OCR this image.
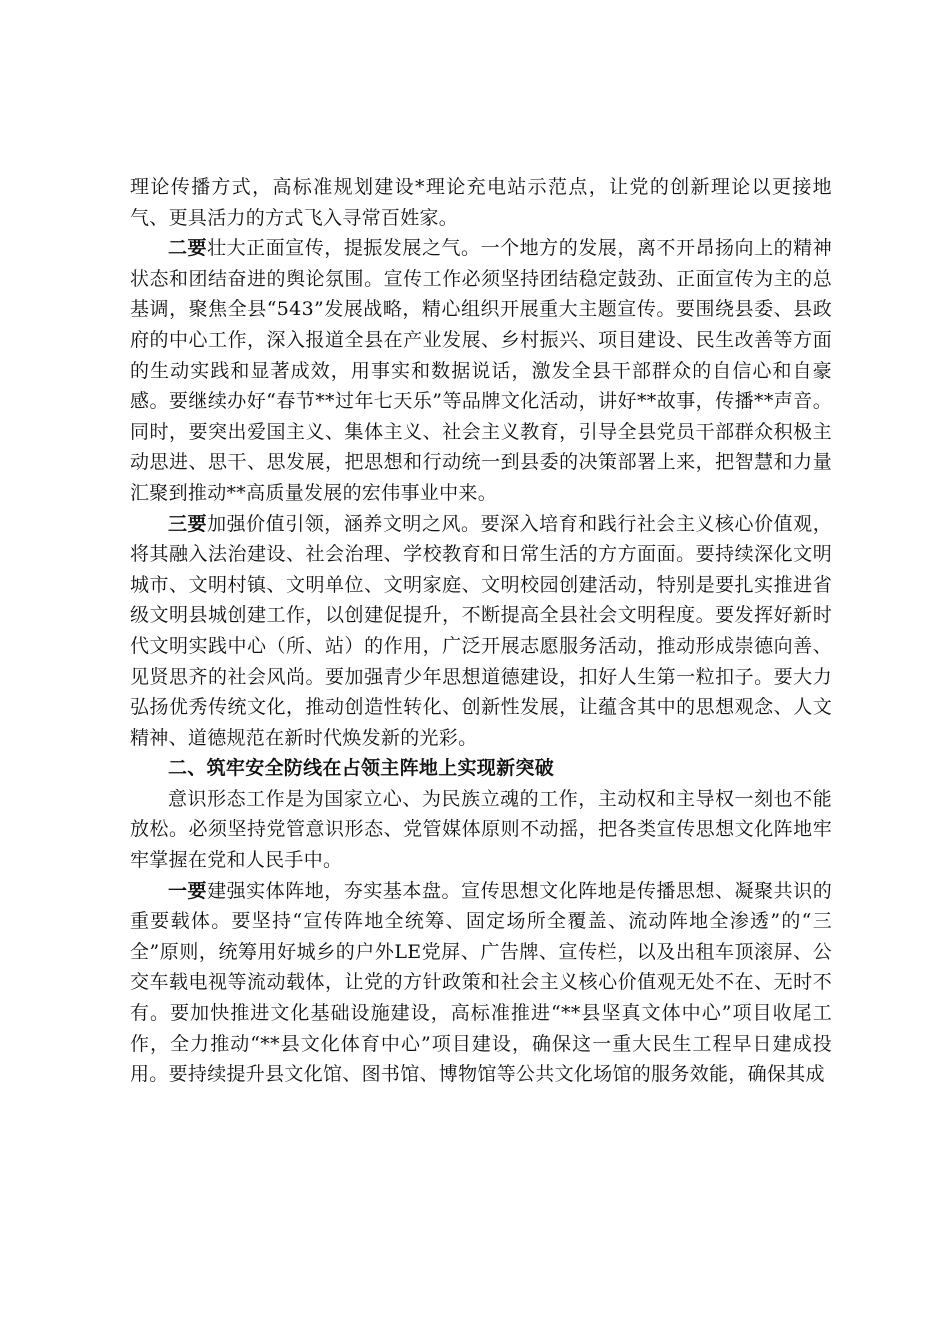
理论传播方式，高标准规划建设*理论充电站示范点，让党的创新理论以更接地气、更具活力的方式飞入寻常百姓家。

二要壮大正面宣传，提振发展之气。一个地方的发展，离不开昂扬向上的精神状态和团结奋进的舆论氛围。宣传工作必须坚持团结稳定鼓劲、正面宣传为主的总基调，聚焦全县“543”发展战略，精心组织开展重大主题宣传。要围绕县委、县政府的中心工作，深入报道全县在产业发展、乡村振兴、项目建设、民生改善等方面的生动实践和显著成效，用事实和数据说话，激发全县干部群众的自信心和自豪感。要继续办好“春节**过年七天乐”等品牌文化活动，讲好**故事，传播**声音。同时，要突出爱国主义、集体主义、社会主义教育，引导全县党员干部群众积极主动思进、思干、思发展，把思想和行动统一到县委的决策部署上来，把智慧和力量汇聚到推动**高质量发展的宏伟事业中来。

三要加强价值引领，涵养文明之风。要深入培育和践行社会主义核心价值观，将其融入法治建设、社会治理、学校教育和日常生活的方方面面。要持续深化文明城市、文明村镇、文明单位、文明家庭、文明校园创建活动，特别是要扎实推进省级文明县城创建工作，以创建促提升，不断提高全县社会文明程度。要发挥好新时代文明实践中心（所、站）的作用，广泛开展志愿服务活动，推动形成崇德向善、见贤思齐的社会风尚。要加强青少年思想道德建设，扣好人生第一粒扣子。要大力弘扬优秀传统文化，推动创造性转化、创新性发展，让蕴含其中的思想观念、人文精神、道德规范在新时代焕发新的光彩。

二、筑牢安全防线在占领主阵地上实现新突破

意识形态工作是为国家立心、为民族立魂的工作，主动权和主导权一刻也不能放松。必须坚持党管意识形态、党管媒体原则不动摇，把各类宣传思想文化阵地牢牢掌握在党和人民手中。

一要建强实体阵地，夯实基本盘。宣传思想文化阵地是传播思想、凝聚共识的重要载体。要坚持“宣传阵地全统筹、固定场所全覆盖、流动阵地全渗透”的“三全”原则，统筹用好城乡的户外LE党屏、广告牌、宣传栏，以及出租车顶滚屏、公交车载电视等流动载体，让党的方针政策和社会主义核心价值观无处不在、无时不有。要加快推进文化基础设施建设，高标准推进“**县坚真文体中心”项目收尾工作，全力推动“**县文化体育中心”项目建设，确保这一重大民生工程早日建成投用。要持续提升县文化馆、图书馆、博物馆等公共文化场馆的服务效能，确保其成
